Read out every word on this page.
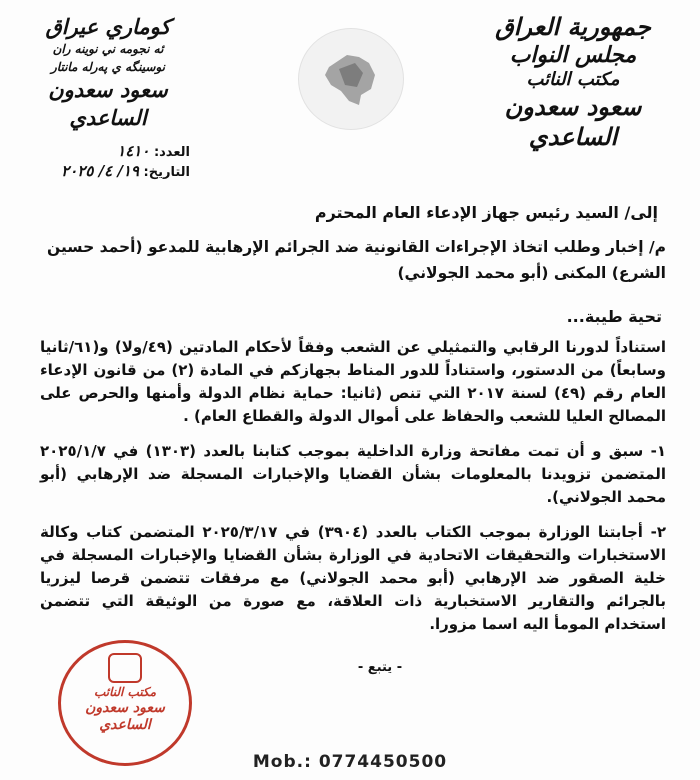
جمهورية العراق
مجلس النواب
مكتب النائب
سعود سعدون الساعدي
كوماري عيراق
ئه نجومه ني نوينه ران
نوسينگه ي پەرله مانتار
سعود سعدون الساعدي
العدد: ١٤١٠
التاريخ: ١٩/ ٤/ ٢٠٢٥
إلى/ السيد رئيس جهاز الإدعاء العام المحترم
م/ إخبار وطلب اتخاذ الإجراءات القانونية ضد الجرائم الإرهابية للمدعو (أحمد حسين الشرع) المكنى (أبو محمد الجولاني)
تحية طيبة...
استناداً لدورنا الرقابي والتمثيلي عن الشعب وفقاً لأحكام المادتين (٤٩/ولا) و(٦١/ثانيا وسابعاً) من الدستور، واستناداً للدور المناط بجهازكم في المادة (٢) من قانون الإدعاء العام رقم (٤٩) لسنة ٢٠١٧ التي تنص (ثانيا: حماية نظام الدولة وأمنها والحرص على المصالح العليا للشعب والحفاظ على أموال الدولة والقطاع العام) .
١- سبق و أن تمت مفاتحة وزارة الداخلية بموجب كتابنا بالعدد (١٣٠٣) في ٢٠٢٥/١/٧ المتضمن تزويدنا بالمعلومات بشأن القضايا والإخبارات المسجلة ضد الإرهابي (أبو محمد الجولاني).
٢- أجابتنا الوزارة بموجب الكتاب بالعدد (٣٩٠٤) في ٢٠٢٥/٣/١٧ المتضمن كتاب وكالة الاستخبارات والتحقيقات الاتحادية في الوزارة بشأن القضايا والإخبارات المسجلة في خلية الصقور ضد الإرهابي (أبو محمد الجولاني) مع مرفقات تتضمن قرصا ليزريا بالجرائم والتقارير الاستخبارية ذات العلاقة، مع صورة من الوثيقة التي تتضمن استخدام المومأ اليه اسما مزورا.
- يتبع -
مكتب النائب
سعود سعدون
الساعدي
Mob.: 0774450500
